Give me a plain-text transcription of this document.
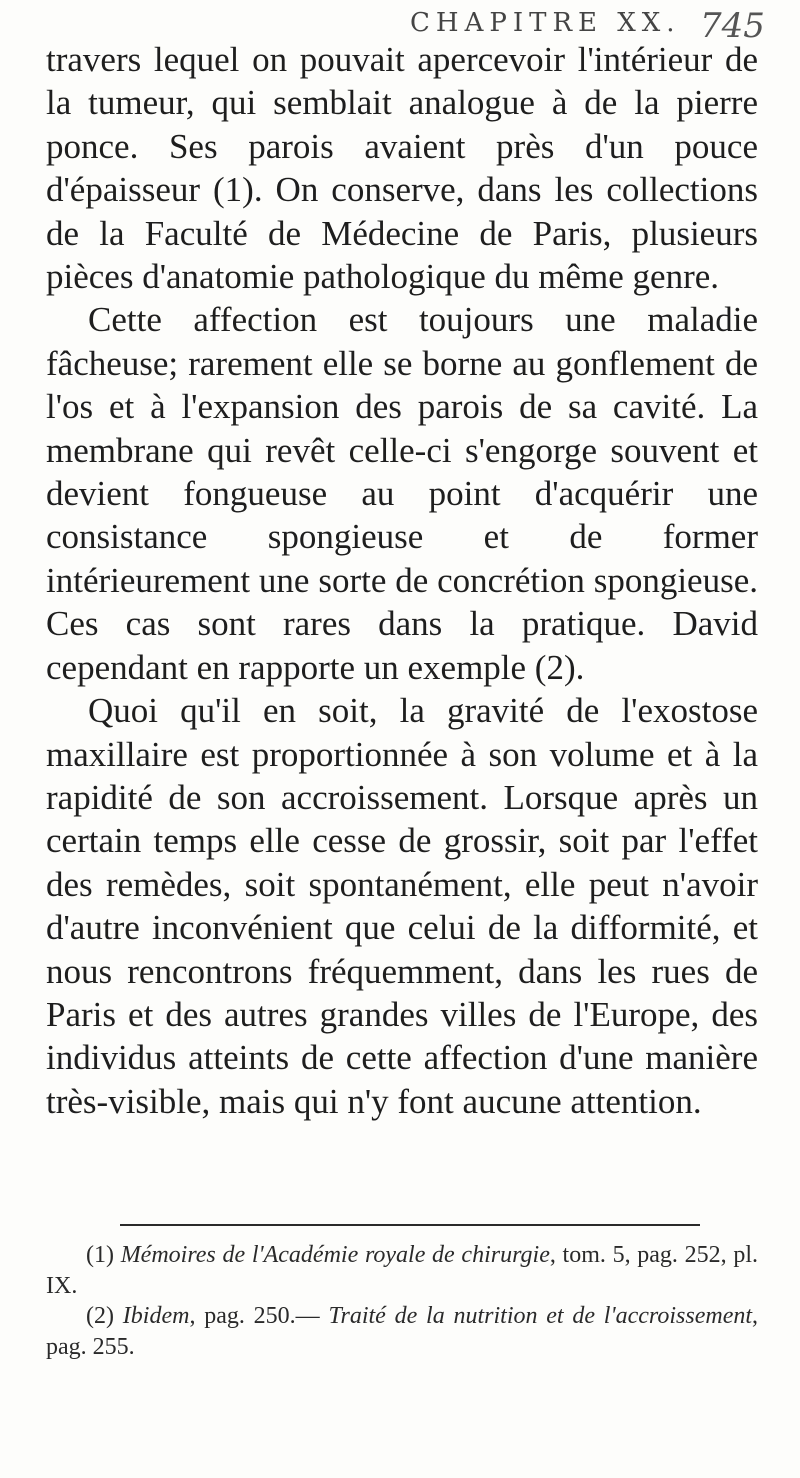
CHAPITRE XX. 745

travers lequel on pouvait apercevoir l'intérieur de la tumeur, qui semblait analogue à de la pierre ponce. Ses parois avaient près d'un pouce d'épaisseur (1). On conserve, dans les collections de la Faculté de Médecine de Paris, plusieurs pièces d'anatomie pathologique du même genre.

Cette affection est toujours une maladie fâcheuse; rarement elle se borne au gonflement de l'os et à l'expansion des parois de sa cavité. La membrane qui revêt celle-ci s'engorge souvent et devient fongueuse au point d'acquérir une consistance spongieuse et de former intérieurement une sorte de concrétion spongieuse. Ces cas sont rares dans la pratique. David cependant en rapporte un exemple (2).

Quoi qu'il en soit, la gravité de l'exostose maxillaire est proportionnée à son volume et à la rapidité de son accroissement. Lorsque après un certain temps elle cesse de grossir, soit par l'effet des remèdes, soit spontanément, elle peut n'avoir d'autre inconvénient que celui de la difformité, et nous rencontrons fréquemment, dans les rues de Paris et des autres grandes villes de l'Europe, des individus atteints de cette affection d'une manière très-visible, mais qui n'y font aucune attention.

(1) Mémoires de l'Académie royale de chirurgie, tom. 5, pag. 252, pl. IX.

(2) Ibidem, pag. 250.— Traité de la nutrition et de l'accroissement, pag. 255.
